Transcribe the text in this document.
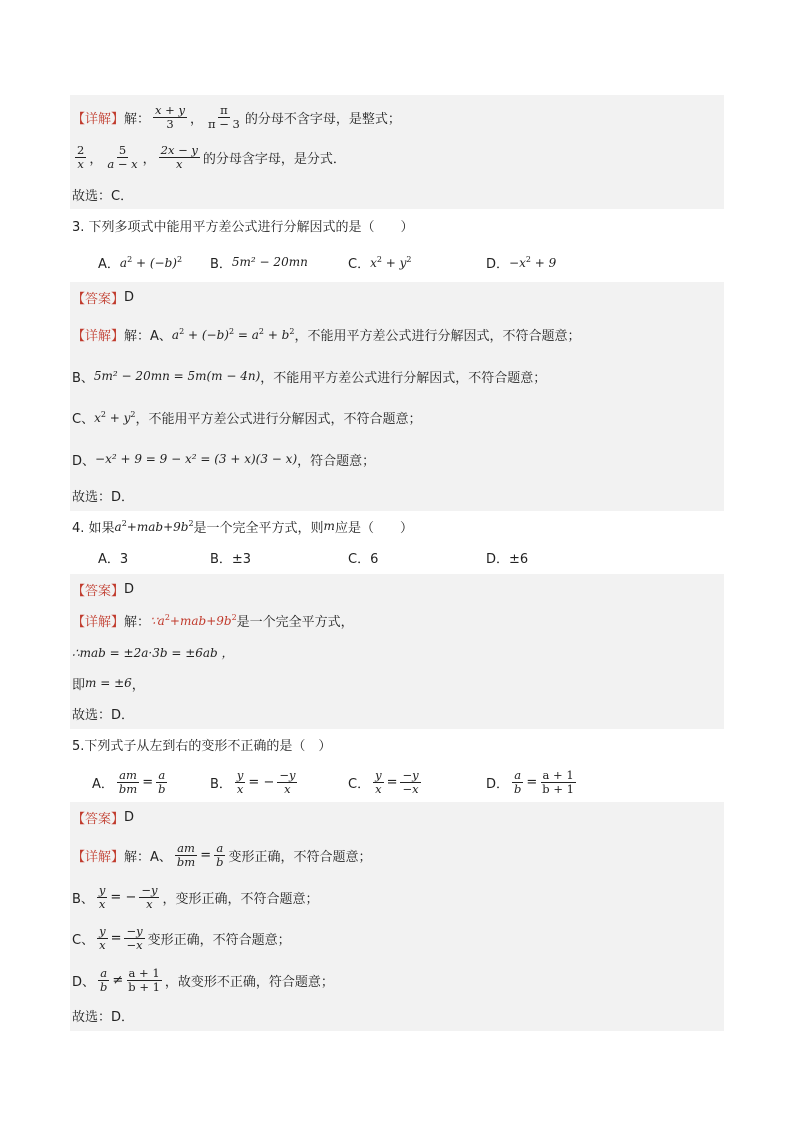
【详解】 解： $\frac{x + y}{3}$ ， $\frac{\pi}{\pi - 3}$ 的分母不含字母，是整式；
$\frac{2}{x}$ ， $\frac{5}{a - x}$ ， $\frac{2x - y}{x}$ 的分母含字母，是分式．
故选：C．
3. 下列多项式中能用平方差公式进行分解因式的是（　　）
A． $a^2 + (-b)^2$ B． 5m² − 20mn	C． $x^2 + y^2$	D． $-x^2 + 9$
【答案】 D
【详解】 解：A、 $a^2 + (-b)^2 = a^2 + b^2$ ，不能用平方差公式进行分解因式，不符合题意；
B、 5m² − 20mn = 5m(m − 4n) ，不能用平方差公式进行分解因式，不符合题意；
C、 $x^2 + y^2$ ，不能用平方差公式进行分解因式，不符合题意；
D、 −x² + 9 = 9 − x² = (3 + x)(3 − x) ，符合题意；
故选：D．
4. 如果 $a^2+mab+9b^2$ 是一个完全平方式，则 m 应是（　　）
A．3	B．±3	C．6	D．±6
【答案】 D
【详解】 解： $\because a^2+mab+9b^2$ 是一个完全平方式，
∴mab = ±2a·3b = ±6ab ，
即 m = ±6 ，
故选：D．
5.下列式子从左到右的变形不正确的是（　）
A． $\frac{am}{bm} = \frac{a}{b}$	B． $\frac{y}{x}$ = − $\frac{-y}{x}$	C． $\frac{y}{x} = \frac{-y}{-x}$	D． $\frac{a}{b} = \frac{a + 1}{b + 1}$
【答案】 D
【详解】 解：A、 $\frac{am}{bm} = \frac{a}{b}$ 变形正确，不符合题意；
B、 $\frac{y}{x}$ = − $\frac{-y}{x}$ ，变形正确，不符合题意；
C、 $\frac{y}{x} = \frac{-y}{-x}$ 变形正确，不符合题意；
D、 $\frac{a}{b} \ne \frac{a + 1}{b + 1}$ ，故变形不正确，符合题意；
故选：D．
